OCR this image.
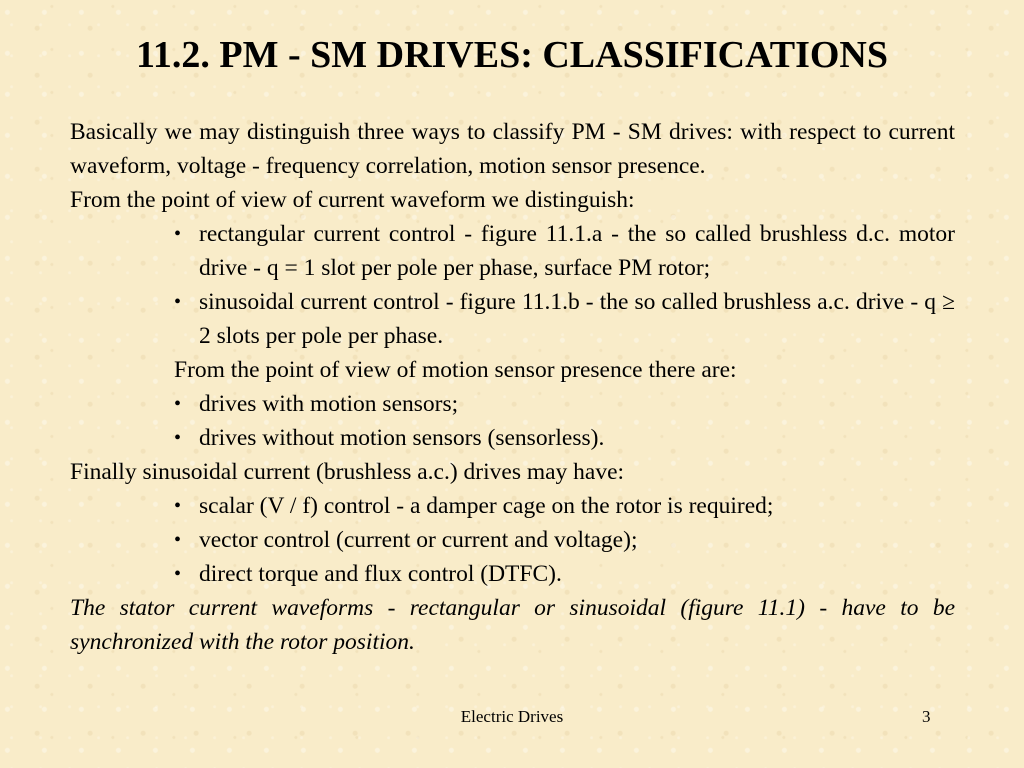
11.2. PM - SM DRIVES: CLASSIFICATIONS

Basically we may distinguish three ways to classify PM - SM drives: with respect to current waveform, voltage - frequency correlation, motion sensor presence.

From the point of view of current waveform we distinguish:

• rectangular current control - figure 11.1.a - the so called brushless d.c. motor drive - q = 1 slot per pole per phase, surface PM rotor;

• sinusoidal current control - figure 11.1.b - the so called brushless a.c. drive - q ≥ 2 slots per pole per phase.

From the point of view of motion sensor presence there are:

• drives with motion sensors;

• drives without motion sensors (sensorless).

Finally sinusoidal current (brushless a.c.) drives may have:

• scalar (V / f) control - a damper cage on the rotor is required;

• vector control (current or current and voltage);

• direct torque and flux control (DTFC).

The stator current waveforms - rectangular or sinusoidal (figure 11.1) - have to be synchronized with the rotor position.

Electric Drives	3
